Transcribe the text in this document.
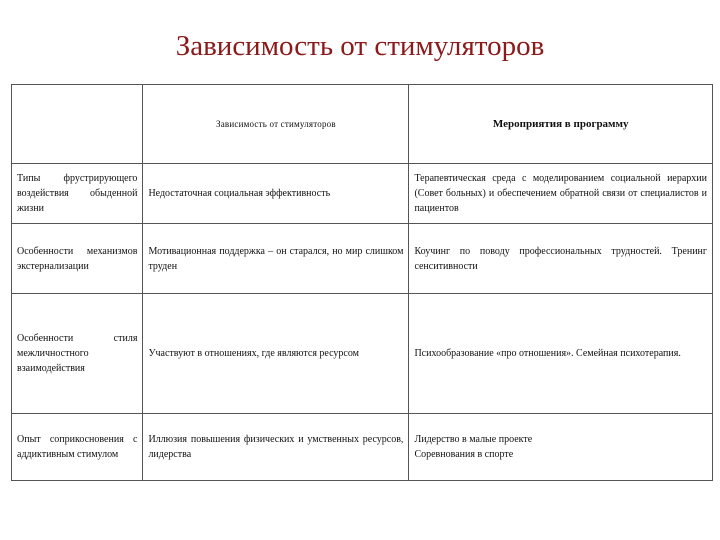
Зависимость от стимуляторов
	Зависимость от стимуляторов	Мероприятия в программу
Типы фрустрирующего воздействия обыденной жизни	Недостаточная социальная эффективность	Терапевтическая среда с моделированием социальной иерархии (Совет больных) и обеспечением обратной связи от специалистов и пациентов
Особенности механизмов экстернализации	Мотивационная поддержка – он старался, но мир слишком труден	Коучинг по поводу профессиональных трудностей. Тренинг сенситивности
Особенности стиля межличностного взаимодействия	Участвуют в отношениях, где являются ресурсом	Психообразование «про отношения». Семейная психотерапия.
Опыт соприкосновения с аддиктивным стимулом	Иллюзия повышения физических и умственных ресурсов, лидерства	Лидерство в малые проекте
Соревнования в спорте
